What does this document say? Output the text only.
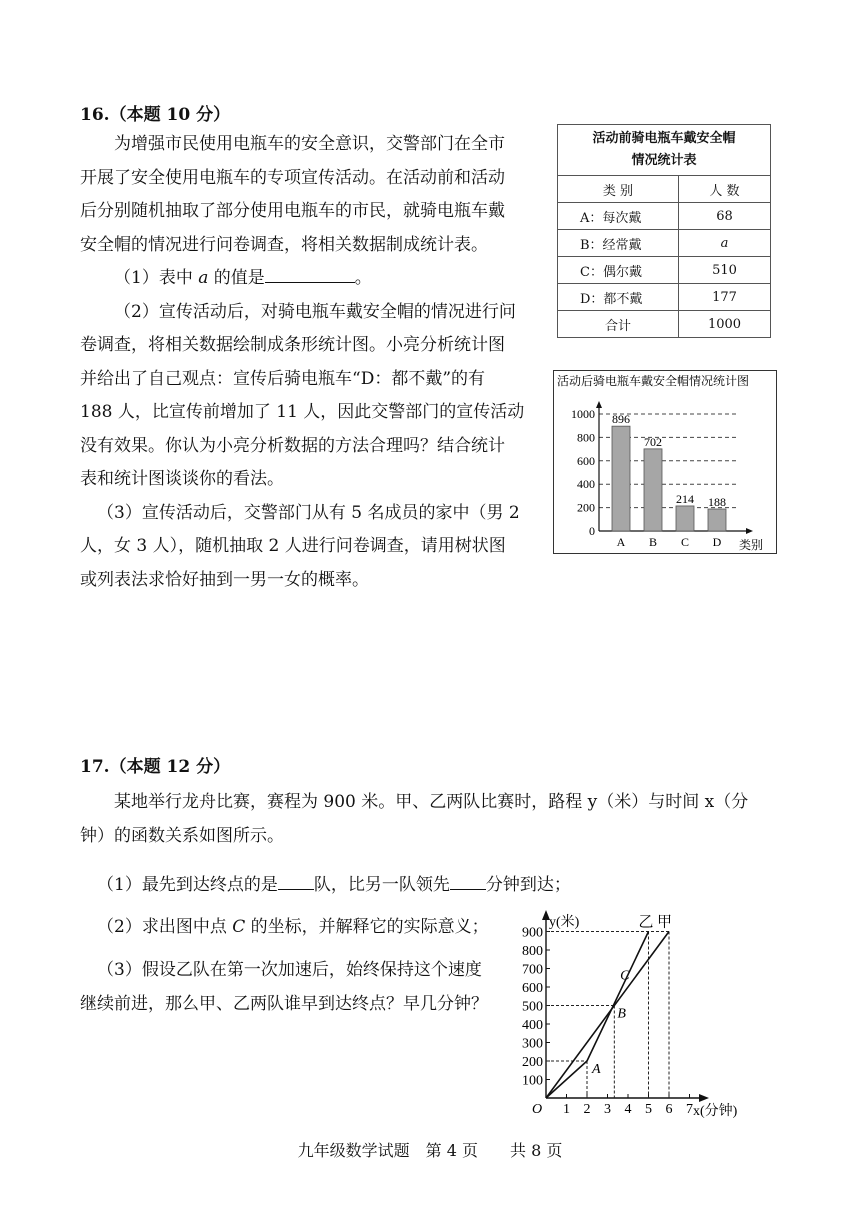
16.（本题 10 分）
为增强市民使用电瓶车的安全意识，交警部门在全市
开展了安全使用电瓶车的专项宣传活动。在活动前和活动
后分别随机抽取了部分使用电瓶车的市民，就骑电瓶车戴
安全帽的情况进行问卷调查，将相关数据制成统计表。
（1）表中 a 的值是	。
（2）宣传活动后，对骑电瓶车戴安全帽的情况进行问
卷调查，将相关数据绘制成条形统计图。小亮分析统计图
并给出了自己观点：宣传后骑电瓶车“D：都不戴”的有
188 人，比宣传前增加了 11 人，因此交警部门的宣传活动
没有效果。你认为小亮分析数据的方法合理吗？结合统计
表和统计图谈谈你的看法。
（3）宣传活动后，交警部门从有 5 名成员的家中（男 2
人，女 3 人），随机抽取 2 人进行问卷调查，请用树状图
或列表法求恰好抽到一男一女的概率。
活动前骑电瓶车戴安全帽
情况统计表	

类 别	人 数
A：每次戴	68
B：经常戴	a
C：偶尔戴	510
D：都不戴	177
合计	1000
活动后骑电瓶车戴安全帽情况统计图
0
200
400
600
800
1000 896
A
702
B
214
C
188
D 类别
17.（本题 12 分）
某地举行龙舟比赛，赛程为 900 米。甲、乙两队比赛时，路程 y（米）与时间 x（分
钟）的函数关系如图所示。
（1）最先到达终点的是 队，比另一队领先 分钟到达；
（2）求出图中点 C 的坐标，并解释它的实际意义；
（3）假设乙队在第一次加速后，始终保持这个速度
继续前进，那么甲、乙两队谁早到达终点？早几分钟？
y(米)
x(分钟)
O
100
200
300
400
500
600
700
800
900
1 2 3 4 5 6 7
乙 甲
A
B
C
九年级数学试题　第 4 页　　共 8 页
